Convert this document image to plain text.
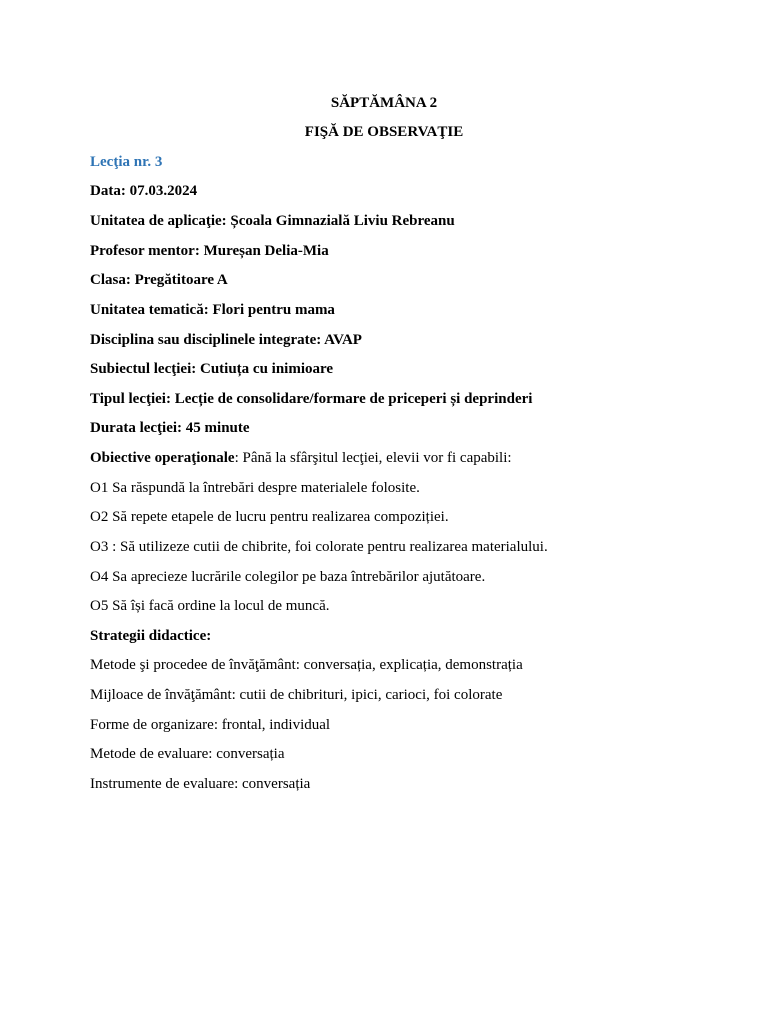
SĂPTĂMÂNA 2
FIŞĂ DE OBSERVAŢIE
Lecţia nr. 3
Data: 07.03.2024
Unitatea de aplicaţie: Școala Gimnazială Liviu Rebreanu
Profesor mentor: Mureșan Delia-Mia
Clasa: Pregătitoare A
Unitatea tematică: Flori pentru mama
Disciplina sau disciplinele integrate: AVAP
Subiectul lecţiei: Cutiuța cu inimioare
Tipul lecţiei: Lecție de consolidare/formare de priceperi și deprinderi
Durata lecţiei: 45 minute
Obiective operaţionale: Până la sfârşitul lecţiei, elevii vor fi capabili:
O1 Sa răspundă la întrebări despre materialele folosite.
O2 Să repete etapele de lucru pentru realizarea compoziției.
O3 : Să utilizeze cutii de chibrite, foi colorate pentru realizarea materialului.
O4 Sa aprecieze lucrările colegilor pe baza întrebărilor ajutătoare.
O5 Să își facă ordine la locul de muncă.
Strategii didactice:
Metode şi procedee de învăţământ: conversația, explicația, demonstrația
Mijloace de învăţământ: cutii de chibrituri, ipici, carioci, foi colorate
Forme de organizare: frontal, individual
Metode de evaluare: conversația
Instrumente de evaluare: conversația
